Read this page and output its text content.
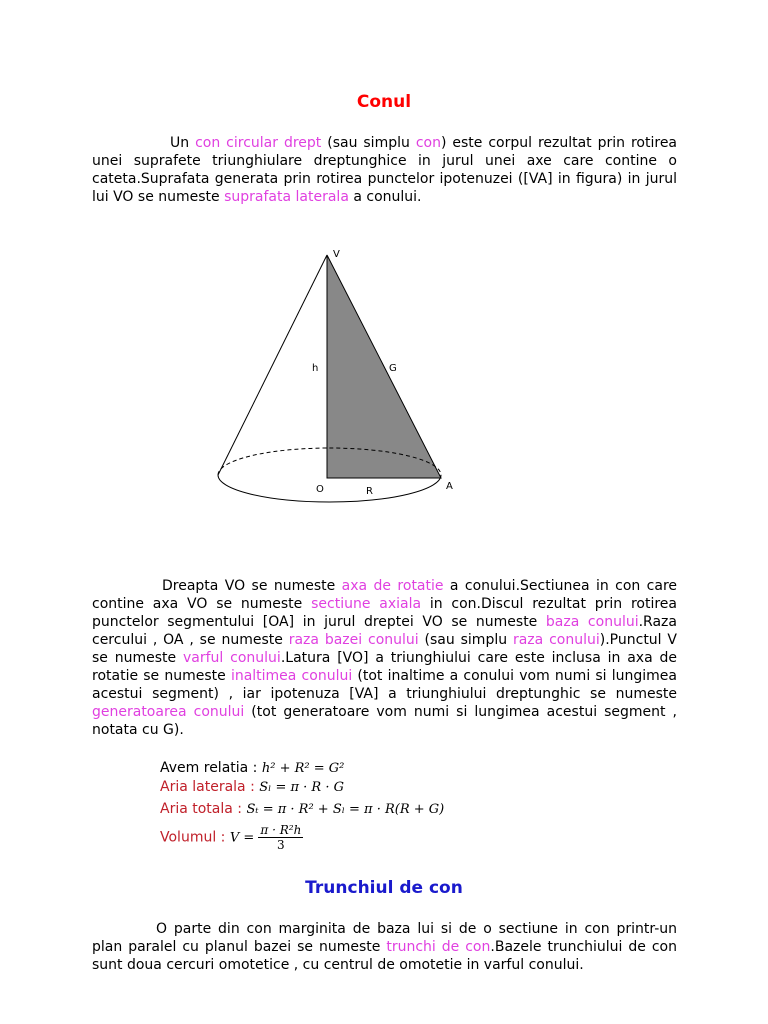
Conul
Un con circular drept (sau simplu con) este corpul rezultat prin rotirea unei suprafete triunghiulare dreptunghice in jurul unei axe care contine o cateta.Suprafata generata prin rotirea punctelor ipotenuzei ([VA] in figura) in jurul lui VO se numeste suprafata laterala a conului.
V
h	G
O	R	A
Dreapta VO se numeste axa de rotatie a conului.Sectiunea in con care contine axa VO se numeste sectiune axiala in con.Discul rezultat prin rotirea punctelor segmentului [OA] in jurul dreptei VO se numeste baza conului.Raza cercului , OA , se numeste raza bazei conului (sau simplu raza conului).Punctul V se numeste varful conului.Latura [VO] a triunghiului care este inclusa in axa de rotatie se numeste inaltimea conului (tot inaltime a conului vom numi si lungimea acestui segment) , iar ipotenuza [VA] a triunghiului dreptunghic se numeste generatoarea conului (tot generatoare vom numi si lungimea acestui segment , notata cu G).
Avem relatia : h² + R² = G²
Aria laterala : Sₗ = π · R · G
Aria totala : Sₜ = π · R² + Sₗ = π · R(R + G)
Volumul : $V = \frac{\text{π · R²h}}{3}$
Trunchiul de con
O parte din con marginita de baza lui si de o sectiune in con printr-un plan paralel cu planul bazei se numeste trunchi de con.Bazele trunchiului de con sunt doua cercuri omotetice , cu centrul de omotetie in varful conului.
